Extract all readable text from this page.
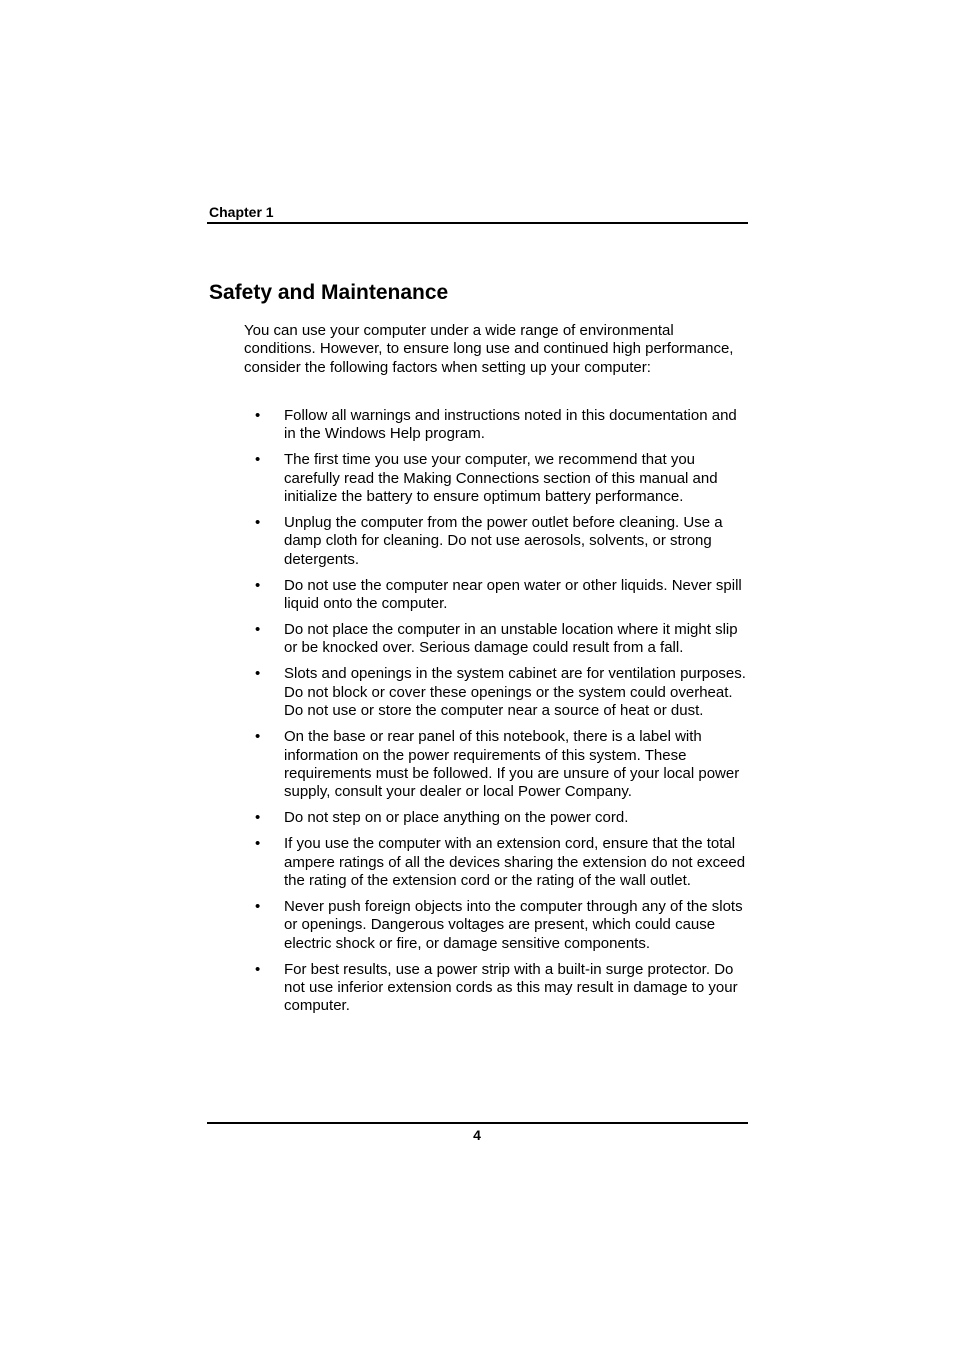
Chapter 1
Safety and Maintenance

You can use your computer under a wide range of environmental conditions. However, to ensure long use and continued high performance, consider the following factors when setting up your computer:

• Follow all warnings and instructions noted in this documentation and in the Windows Help program.
• The first time you use your computer, we recommend that you carefully read the Making Connections section of this manual and initialize the battery to ensure optimum battery performance.
• Unplug the computer from the power outlet before cleaning. Use a damp cloth for cleaning. Do not use aerosols, solvents, or strong detergents.
• Do not use the computer near open water or other liquids. Never spill liquid onto the computer.
• Do not place the computer in an unstable location where it might slip or be knocked over. Serious damage could result from a fall.
• Slots and openings in the system cabinet are for ventilation purposes. Do not block or cover these openings or the system could overheat. Do not use or store the computer near a source of heat or dust.
• On the base or rear panel of this notebook, there is a label with information on the power requirements of this system. These requirements must be followed. If you are unsure of your local power supply, consult your dealer or local Power Company.
• Do not step on or place anything on the power cord.
• If you use the computer with an extension cord, ensure that the total ampere ratings of all the devices sharing the extension do not exceed the rating of the extension cord or the rating of the wall outlet.
• Never push foreign objects into the computer through any of the slots or openings. Dangerous voltages are present, which could cause electric shock or fire, or damage sensitive components.
• For best results, use a power strip with a built-in surge protector. Do not use inferior extension cords as this may result in damage to your computer.
4
